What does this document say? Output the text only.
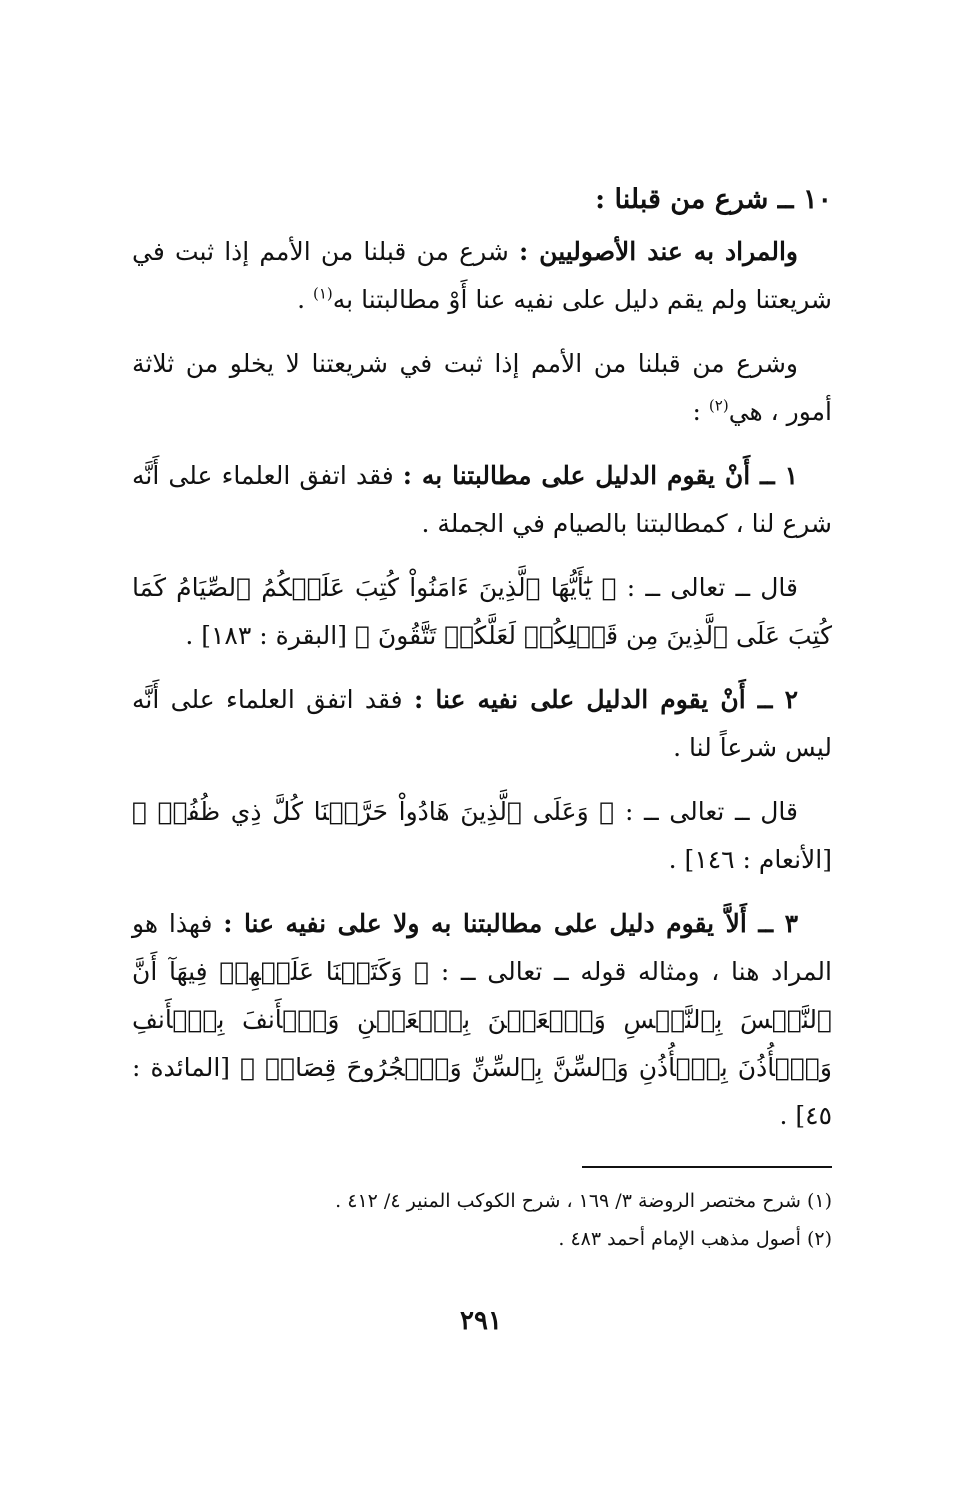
١٠ ــ شرع من قبلنا :

والمراد به عند الأصوليين : شرع من قبلنا من الأمم إذا ثبت في شريعتنا ولم يقم دليل على نفيه عنا أَوْ مطالبتنا به$^{(١)}$ .

وشرع من قبلنا من الأمم إذا ثبت في شريعتنا لا يخلو من ثلاثة أمور ، هي$^{(٢)}$ :

١ ــ أَنْ يقوم الدليل على مطالبتنا به : فقد اتفق العلماء على أَنَّه شرع لنا ، كمطالبتنا بالصيام في الجملة .

قال ــ تعالى ــ : ﴿ يَٰٓأَيُّهَا ٱلَّذِينَ ءَامَنُواْ كُتِبَ عَلَيۡكُمُ ٱلصِّيَامُ كَمَا كُتِبَ عَلَى ٱلَّذِينَ مِن قَبۡلِكُمۡ لَعَلَّكُمۡ تَتَّقُونَ ﴾ [البقرة : ١٨٣] .

٢ ــ أَنْ يقوم الدليل على نفيه عنا : فقد اتفق العلماء على أَنَّه ليس شرعاً لنا .

قال ــ تعالى ــ : ﴿ وَعَلَى ٱلَّذِينَ هَادُواْ حَرَّمۡنَا كُلَّ ذِي ظُفُرٖ ﴾ [الأنعام : ١٤٦] .

٣ ــ أَلاَّ يقوم دليل على مطالبتنا به ولا على نفيه عنا : فهذا هو المراد هنا ، ومثاله قوله ــ تعالى ــ : ﴿ وَكَتَبۡنَا عَلَيۡهِمۡ فِيهَآ أَنَّ ٱلنَّفۡسَ بِٱلنَّفۡسِ وَٱلۡعَيۡنَ بِٱلۡعَيۡنِ وَٱلۡأَنفَ بِٱلۡأَنفِ وَٱلۡأُذُنَ بِٱلۡأُذُنِ وَٱلسِّنَّ بِٱلسِّنِّ وَٱلۡجُرُوحَ قِصَاصٞ ﴾ [المائدة : ٤٥] .

(١) شرح مختصر الروضة ٣/ ١٦٩ ، شرح الكوكب المنير ٤/ ٤١٢ .
(٢) أصول مذهب الإمام أحمد ٤٨٣ .
٢٩١
